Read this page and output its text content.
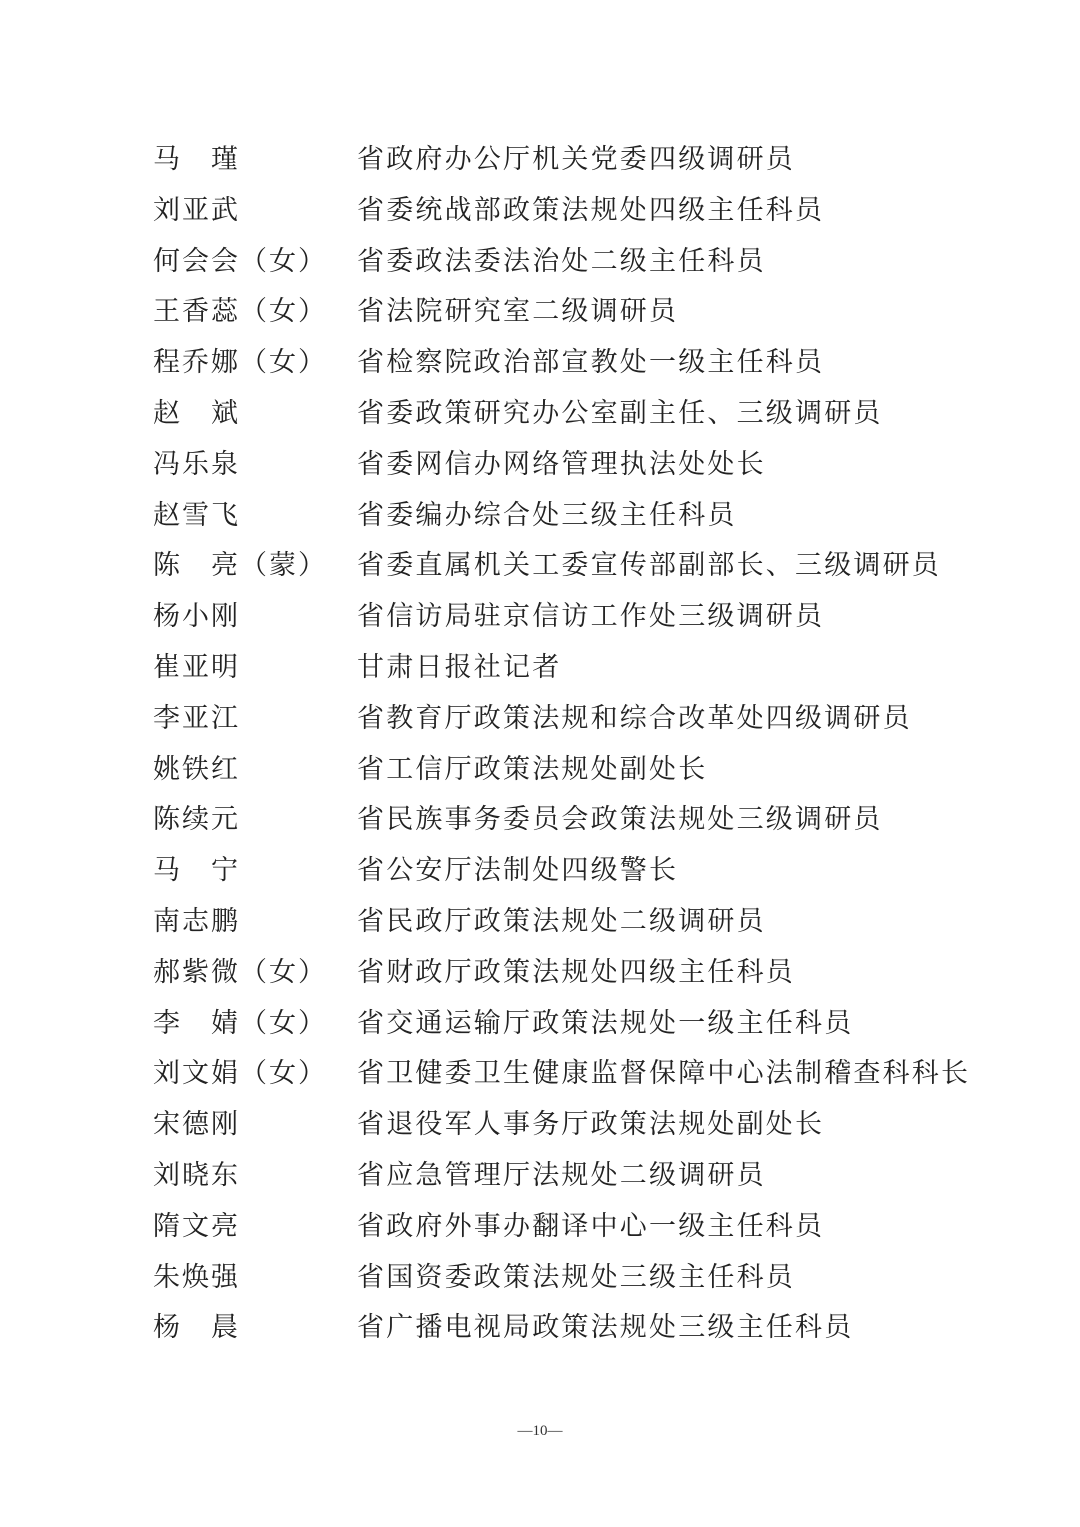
马　瑾	省政府办公厅机关党委四级调研员
刘亚武	省委统战部政策法规处四级主任科员
何会会（女）	省委政法委法治处二级主任科员
王香蕊（女）	省法院研究室二级调研员
程乔娜（女）	省检察院政治部宣教处一级主任科员
赵　斌	省委政策研究办公室副主任、三级调研员
冯乐泉	省委网信办网络管理执法处处长
赵雪飞	省委编办综合处三级主任科员
陈　亮（蒙）	省委直属机关工委宣传部副部长、三级调研员
杨小刚	省信访局驻京信访工作处三级调研员
崔亚明	甘肃日报社记者
李亚江	省教育厅政策法规和综合改革处四级调研员
姚铁红	省工信厅政策法规处副处长
陈续元	省民族事务委员会政策法规处三级调研员
马　宁	省公安厅法制处四级警长
南志鹏	省民政厅政策法规处二级调研员
郝紫微（女）	省财政厅政策法规处四级主任科员
李　婧（女）	省交通运输厅政策法规处一级主任科员
刘文娟（女）	省卫健委卫生健康监督保障中心法制稽查科科长
宋德刚	省退役军人事务厅政策法规处副处长
刘晓东	省应急管理厅法规处二级调研员
隋文亮	省政府外事办翻译中心一级主任科员
朱焕强	省国资委政策法规处三级主任科员
杨　晨	省广播电视局政策法规处三级主任科员
—10—
